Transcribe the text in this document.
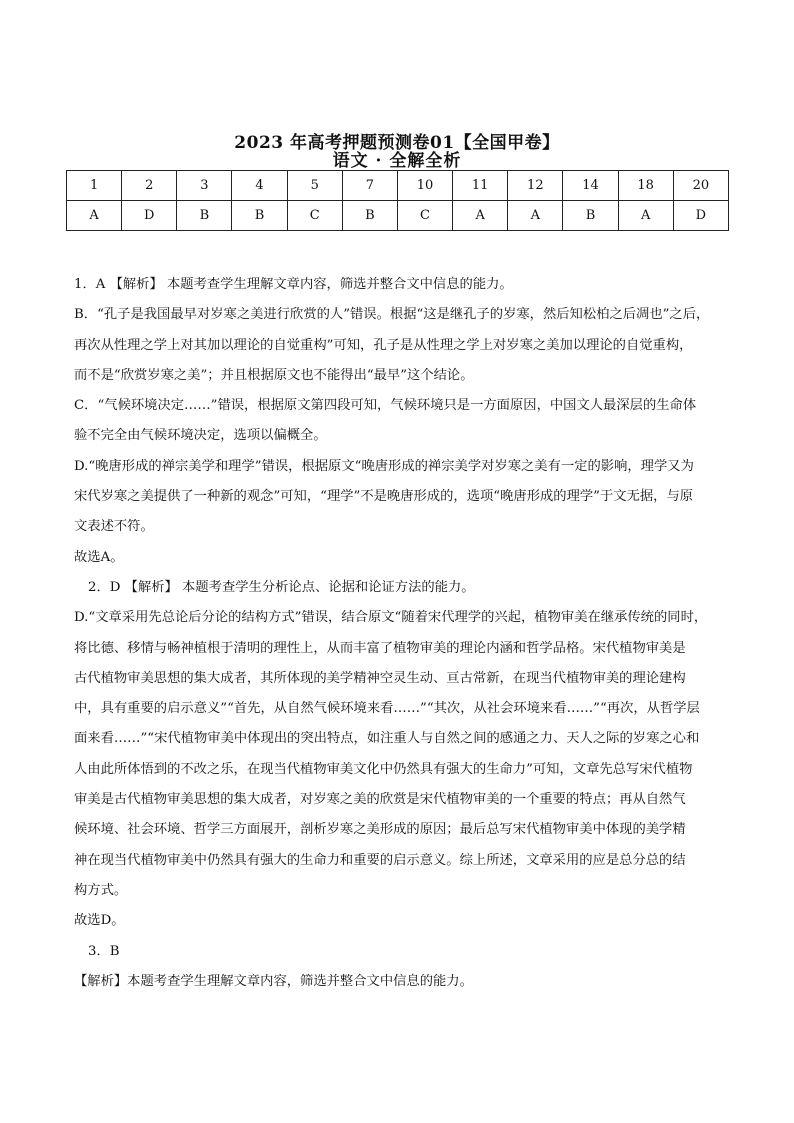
2023 年高考押题预测卷01【全国甲卷】
语文 · 全解全析
1	2	3	4	5	7	10	11	12	14	18	20
A	D	B	B	C	B	C	A	A	B	A	D

1．A 【解析】 本题考查学生理解文章内容，筛选并整合文中信息的能力。

B．“孔子是我国最早对岁寒之美进行欣赏的人”错误。根据“这是继孔子的岁寒，然后知松柏之后凋也”之后，

再次从性理之学上对其加以理论的自觉重构”可知，孔子是从性理之学上对岁寒之美加以理论的自觉重构，

而不是“欣赏岁寒之美”；并且根据原文也不能得出“最早”这个结论。

C．“气候环境决定……”错误，根据原文第四段可知，气候环境只是一方面原因，中国文人最深层的生命体

验不完全由气候环境决定，选项以偏概全。

D.“晚唐形成的禅宗美学和理学”错误，根据原文“晚唐形成的禅宗美学对岁寒之美有一定的影响，理学又为

宋代岁寒之美提供了一种新的观念”可知，“理学”不是晚唐形成的，选项“晚唐形成的理学”于文无据，与原

文表述不符。

故选A。

2．D 【解析】 本题考查学生分析论点、论据和论证方法的能力。

D.“文章采用先总论后分论的结构方式”错误，结合原文“随着宋代理学的兴起，植物审美在继承传统的同时，

将比德、移情与畅神植根于清明的理性上，从而丰富了植物审美的理论内涵和哲学品格。宋代植物审美是

古代植物审美思想的集大成者，其所体现的美学精神空灵生动、亘古常新，在现当代植物审美的理论建构

中，具有重要的启示意义”“首先，从自然气候环境来看……”“其次，从社会环境来看……”“再次，从哲学层

面来看……”“宋代植物审美中体现出的突出特点，如注重人与自然之间的感通之力、天人之际的岁寒之心和

人由此所体悟到的不改之乐，在现当代植物审美文化中仍然具有强大的生命力”可知，文章先总写宋代植物

审美是古代植物审美思想的集大成者，对岁寒之美的欣赏是宋代植物审美的一个重要的特点；再从自然气

候环境、社会环境、哲学三方面展开，剖析岁寒之美形成的原因；最后总写宋代植物审美中体现的美学精

神在现当代植物审美中仍然具有强大的生命力和重要的启示意义。综上所述，文章采用的应是总分总的结

构方式。

故选D。

3．B

【解析】本题考查学生理解文章内容，筛选并整合文中信息的能力。
